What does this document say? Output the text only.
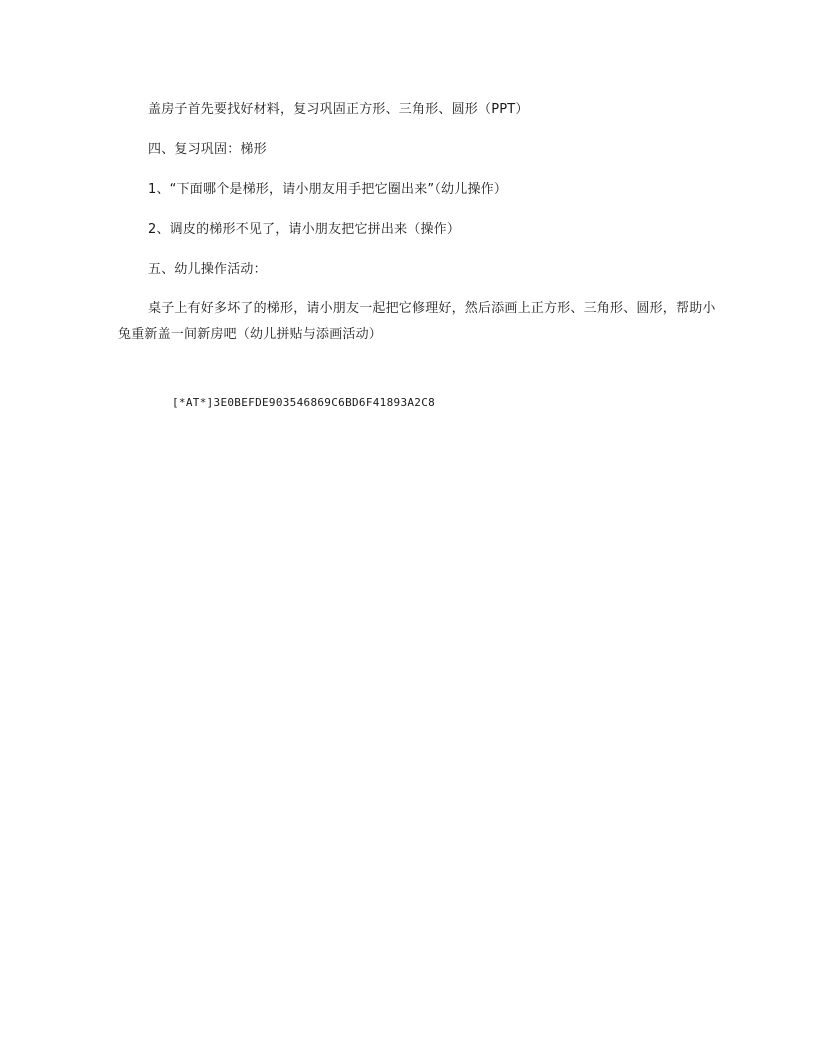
盖房子首先要找好材料，复习巩固正方形、三角形、圆形（PPT）
四、复习巩固：梯形
1、“下面哪个是梯形，请小朋友用手把它圈出来”（幼儿操作）
2、调皮的梯形不见了，请小朋友把它拼出来（操作）
五、幼儿操作活动：
桌子上有好多坏了的梯形，请小朋友一起把它修理好，然后添画上正方形、三角形、圆形，帮助小兔重新盖一间新房吧（幼儿拼贴与添画活动）
[*AT*]3E0BEFDE903546869C6BD6F41893A2C8
